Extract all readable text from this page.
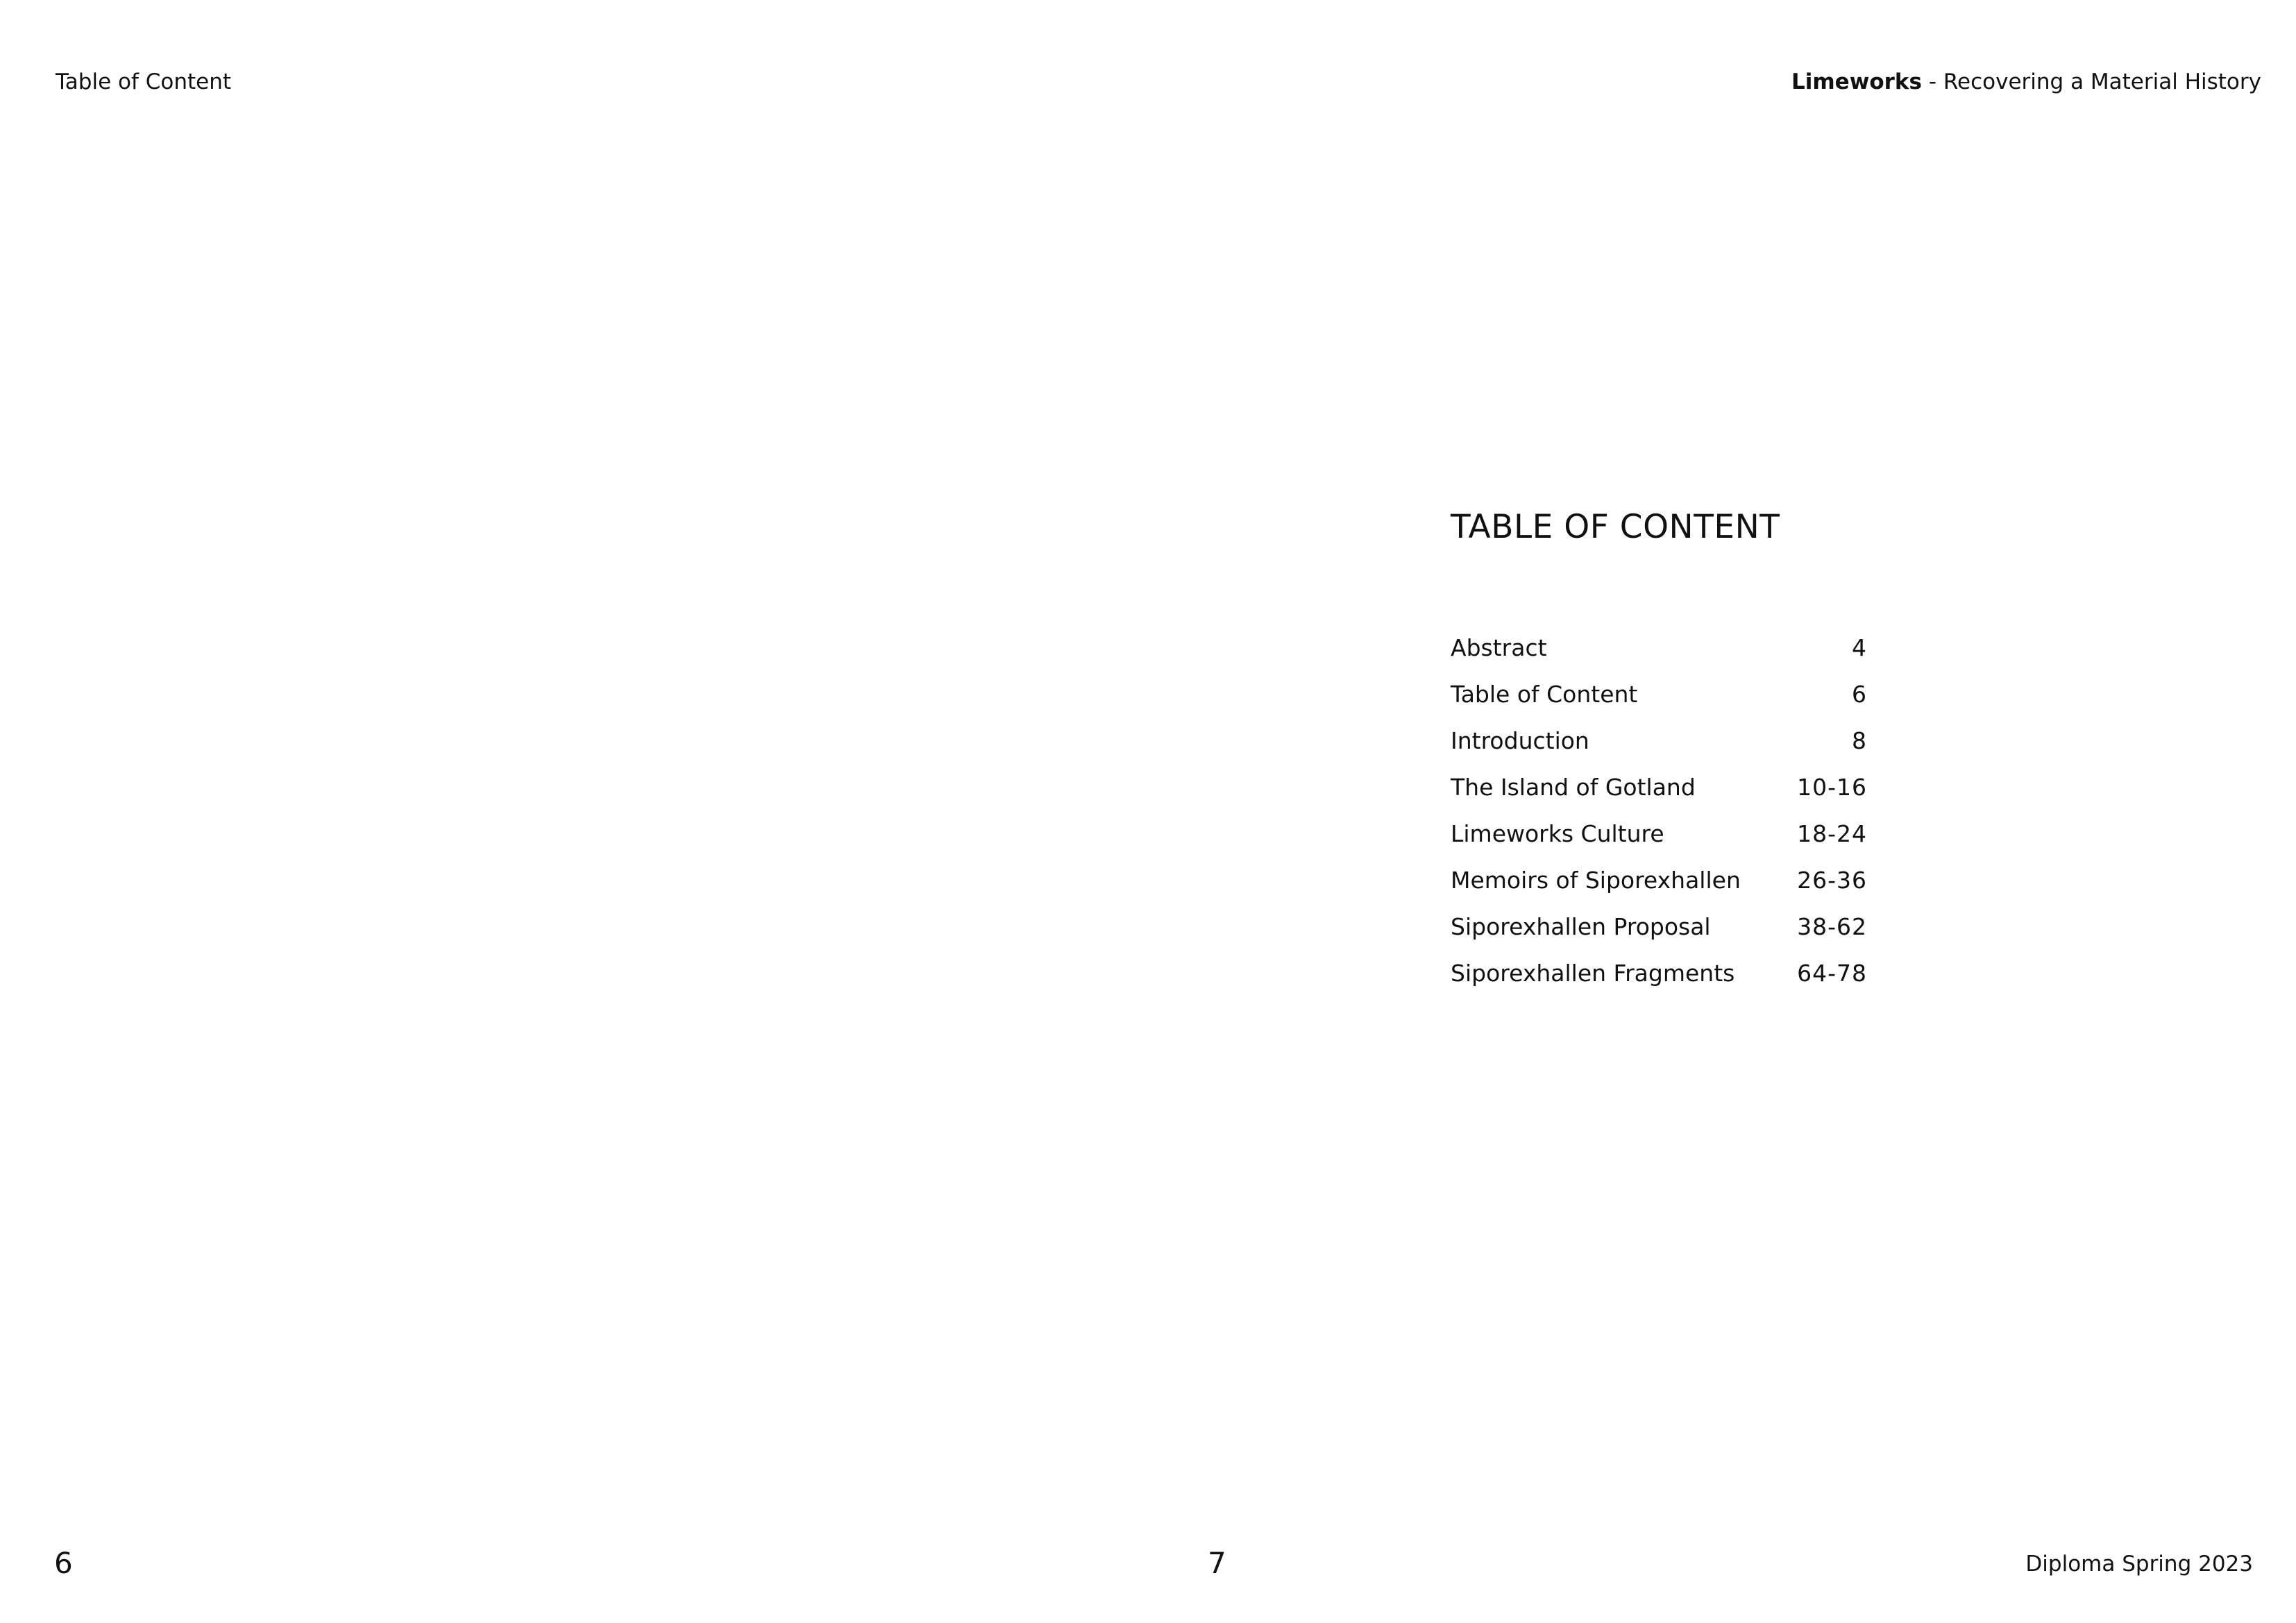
Table of Content	Limeworks - Recovering a Material History
TABLE OF CONTENT
Abstract	4
Table of Content	6
Introduction	8
The Island of Gotland	10-16
Limeworks Culture	18-24
Memoirs of Siporexhallen 26-36
Siporexhallen Proposal	38-62
Siporexhallen Fragments	64-78
6	7	Diploma Spring 2023
